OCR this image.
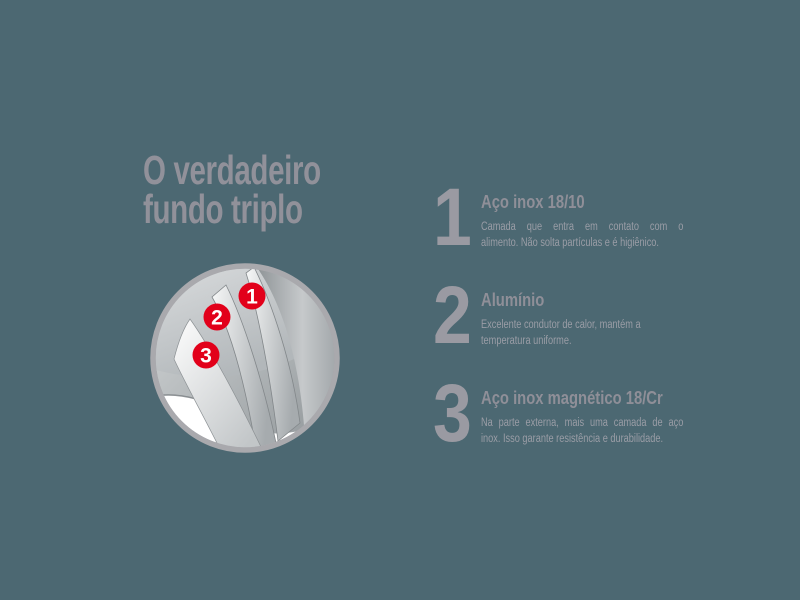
O verdadeiro
fundo triplo
1
2
3
1 Aço inox 18/10
Camada que entra em contato com o
alimento. Não solta partículas e é higiênico.
2 Alumínio
Excelente condutor de calor, mantém a
temperatura uniforme.
3 Aço inox magnético 18/Cr
Na parte externa, mais uma camada de aço
inox. Isso garante resistência e durabilidade.
